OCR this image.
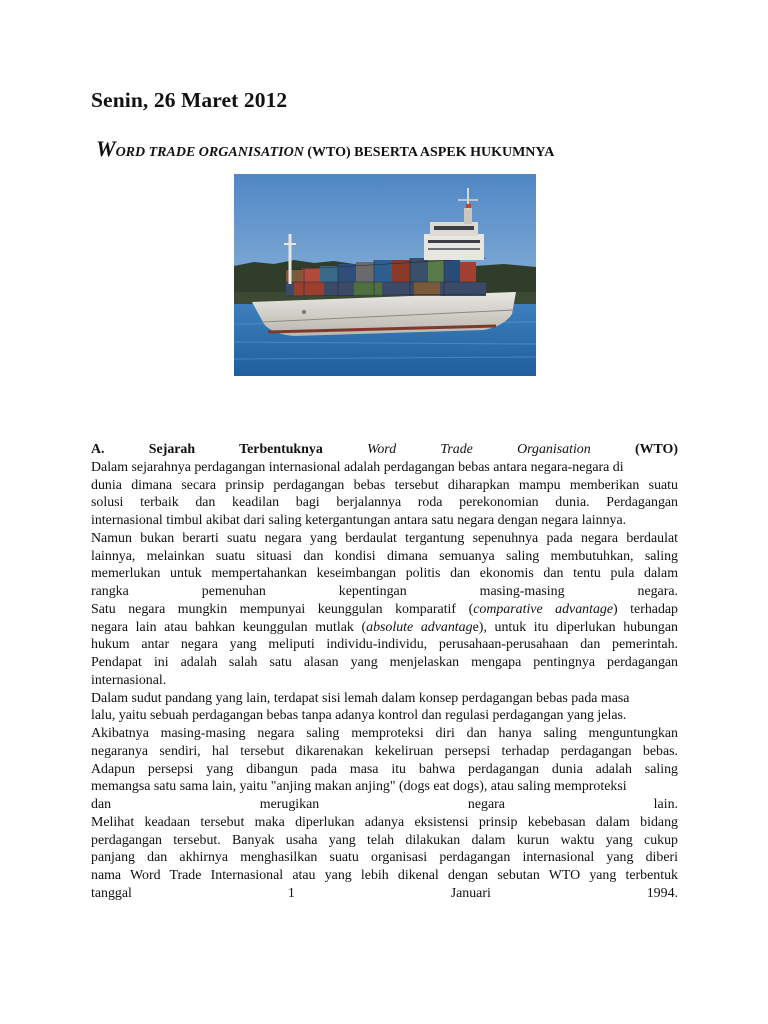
Senin, 26 Maret 2012
WORD TRADE ORGANISATION (WTO) BESERTA ASPEK HUKUMNYA
A.	Sejarah	Terbentuknya	Word	Trade	Organisation	(WTO)
Dalam sejarahnya perdagangan internasional adalah perdagangan bebas antara negara-negara di
dunia dimana secara prinsip perdagangan bebas tersebut diharapkan mampu memberikan suatu
solusi terbaik dan keadilan bagi berjalannya roda perekonomian dunia. Perdagangan
internasional timbul akibat dari saling ketergantungan antara satu negara dengan negara lainnya.
Namun bukan berarti suatu negara yang berdaulat tergantung sepenuhnya pada negara berdaulat
lainnya, melainkan suatu situasi dan kondisi dimana semuanya saling membutuhkan, saling
memerlukan untuk mempertahankan keseimbangan politis dan ekonomis dan tentu pula dalam
rangka pemenuhan kepentingan masing-masing negara.
Satu negara mungkin mempunyai keunggulan komparatif (comparative advantage) terhadap
negara lain atau bahkan keunggulan mutlak (absolute advantage), untuk itu diperlukan hubungan
hukum antar negara yang meliputi individu-individu, perusahaan-perusahaan dan pemerintah.
Pendapat ini adalah salah satu alasan yang menjelaskan mengapa pentingnya perdagangan
internasional.
Dalam sudut pandang yang lain, terdapat sisi lemah dalam konsep perdagangan bebas pada masa
lalu, yaitu sebuah perdagangan bebas tanpa adanya kontrol dan regulasi perdagangan yang jelas.
Akibatnya masing-masing negara saling memproteksi diri dan hanya saling menguntungkan
negaranya sendiri, hal tersebut dikarenakan kekeliruan persepsi terhadap perdagangan bebas.
Adapun persepsi yang dibangun pada masa itu bahwa perdagangan dunia adalah saling
memangsa satu sama lain, yaitu "anjing makan anjing" (dogs eat dogs), atau saling memproteksi
dan merugikan negara lain.
Melihat keadaan tersebut maka diperlukan adanya eksistensi prinsip kebebasan dalam bidang
perdagangan tersebut. Banyak usaha yang telah dilakukan dalam kurun waktu yang cukup
panjang dan akhirnya menghasilkan suatu organisasi perdagangan internasional yang diberi
nama Word Trade Internasional atau yang lebih dikenal dengan sebutan WTO yang terbentuk
tanggal 1 Januari 1994.
